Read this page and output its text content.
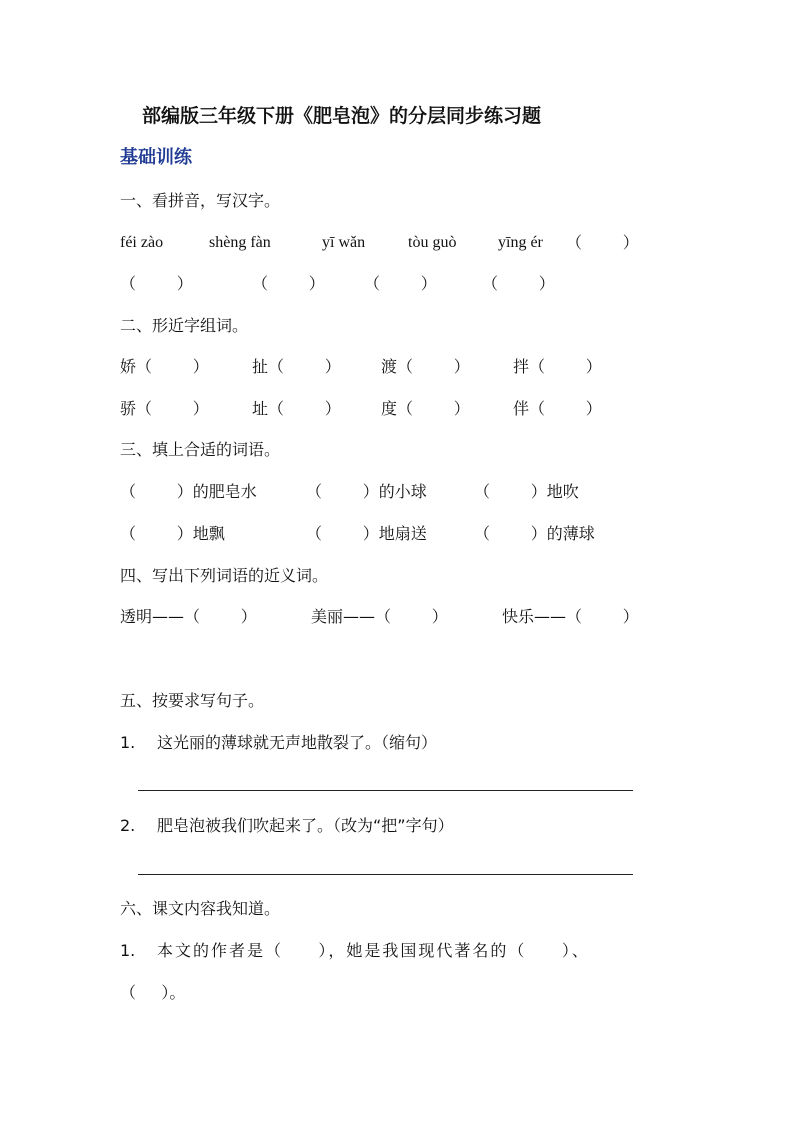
部编版三年级下册《肥皂泡》的分层同步练习题
基础训练
一、看拼音，写汉字。
féi zào	shèng fàn	yī wǎn	tòu guò	yīng ér （        ）
（        ）	（        ） （        ）	（        ）
二、形近字组词。
娇（        ）	扯（        ）	渡（        ）	拌（        ）
骄（        ）	址（        ）	度（        ）	伴（        ）
三、填上合适的词语。
（        ）的肥皂水	（        ）的小球	（        ）地吹
（        ）地飘	（        ）地扇送	（        ）的薄球
四、写出下列词语的近义词。
透明——（        ）	美丽——（        ）	快乐——（        ）
五、按要求写句子。
1. 这光丽的薄球就无声地散裂了。（缩句）
2. 肥皂泡被我们吹起来了。（改为“把”字句）
六、课文内容我知道。
1. 本文的作者是（     ），她是我国现代著名的（     ）、
（     ）。
